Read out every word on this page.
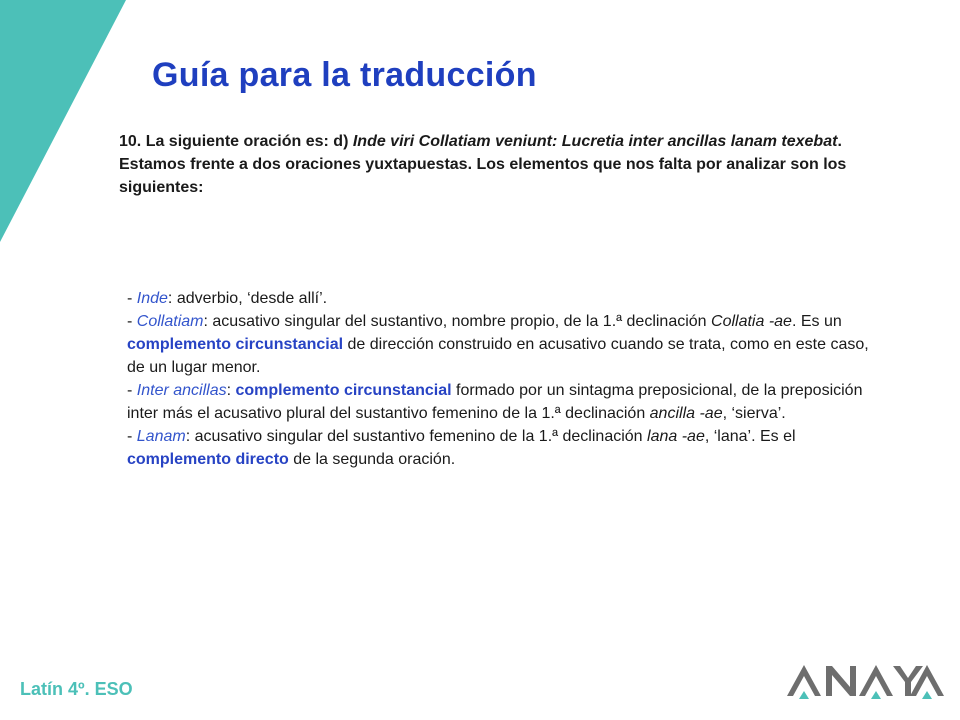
Guía para la traducción
10. La siguiente oración es: d) Inde viri Collatiam veniunt: Lucretia inter ancillas lanam texebat. Estamos frente a dos oraciones yuxtapuestas. Los elementos que nos falta por analizar son los siguientes:

- Inde: adverbio, ‘desde allí’.

- Collatiam: acusativo singular del sustantivo, nombre propio, de la 1.ª declinación Collatia -ae. Es un complemento circunstancial de dirección construido en acusativo cuando se trata, como en este caso, de un lugar menor.

- Inter ancillas: complemento circunstancial formado por un sintagma preposicional, de la preposición inter más el acusativo plural del sustantivo femenino de la 1.ª declinación ancilla -ae, ‘sierva’.

- Lanam: acusativo singular del sustantivo femenino de la 1.ª declinación lana -ae, ‘lana’. Es el complemento directo de la segunda oración.

Latín 4º. ESO
